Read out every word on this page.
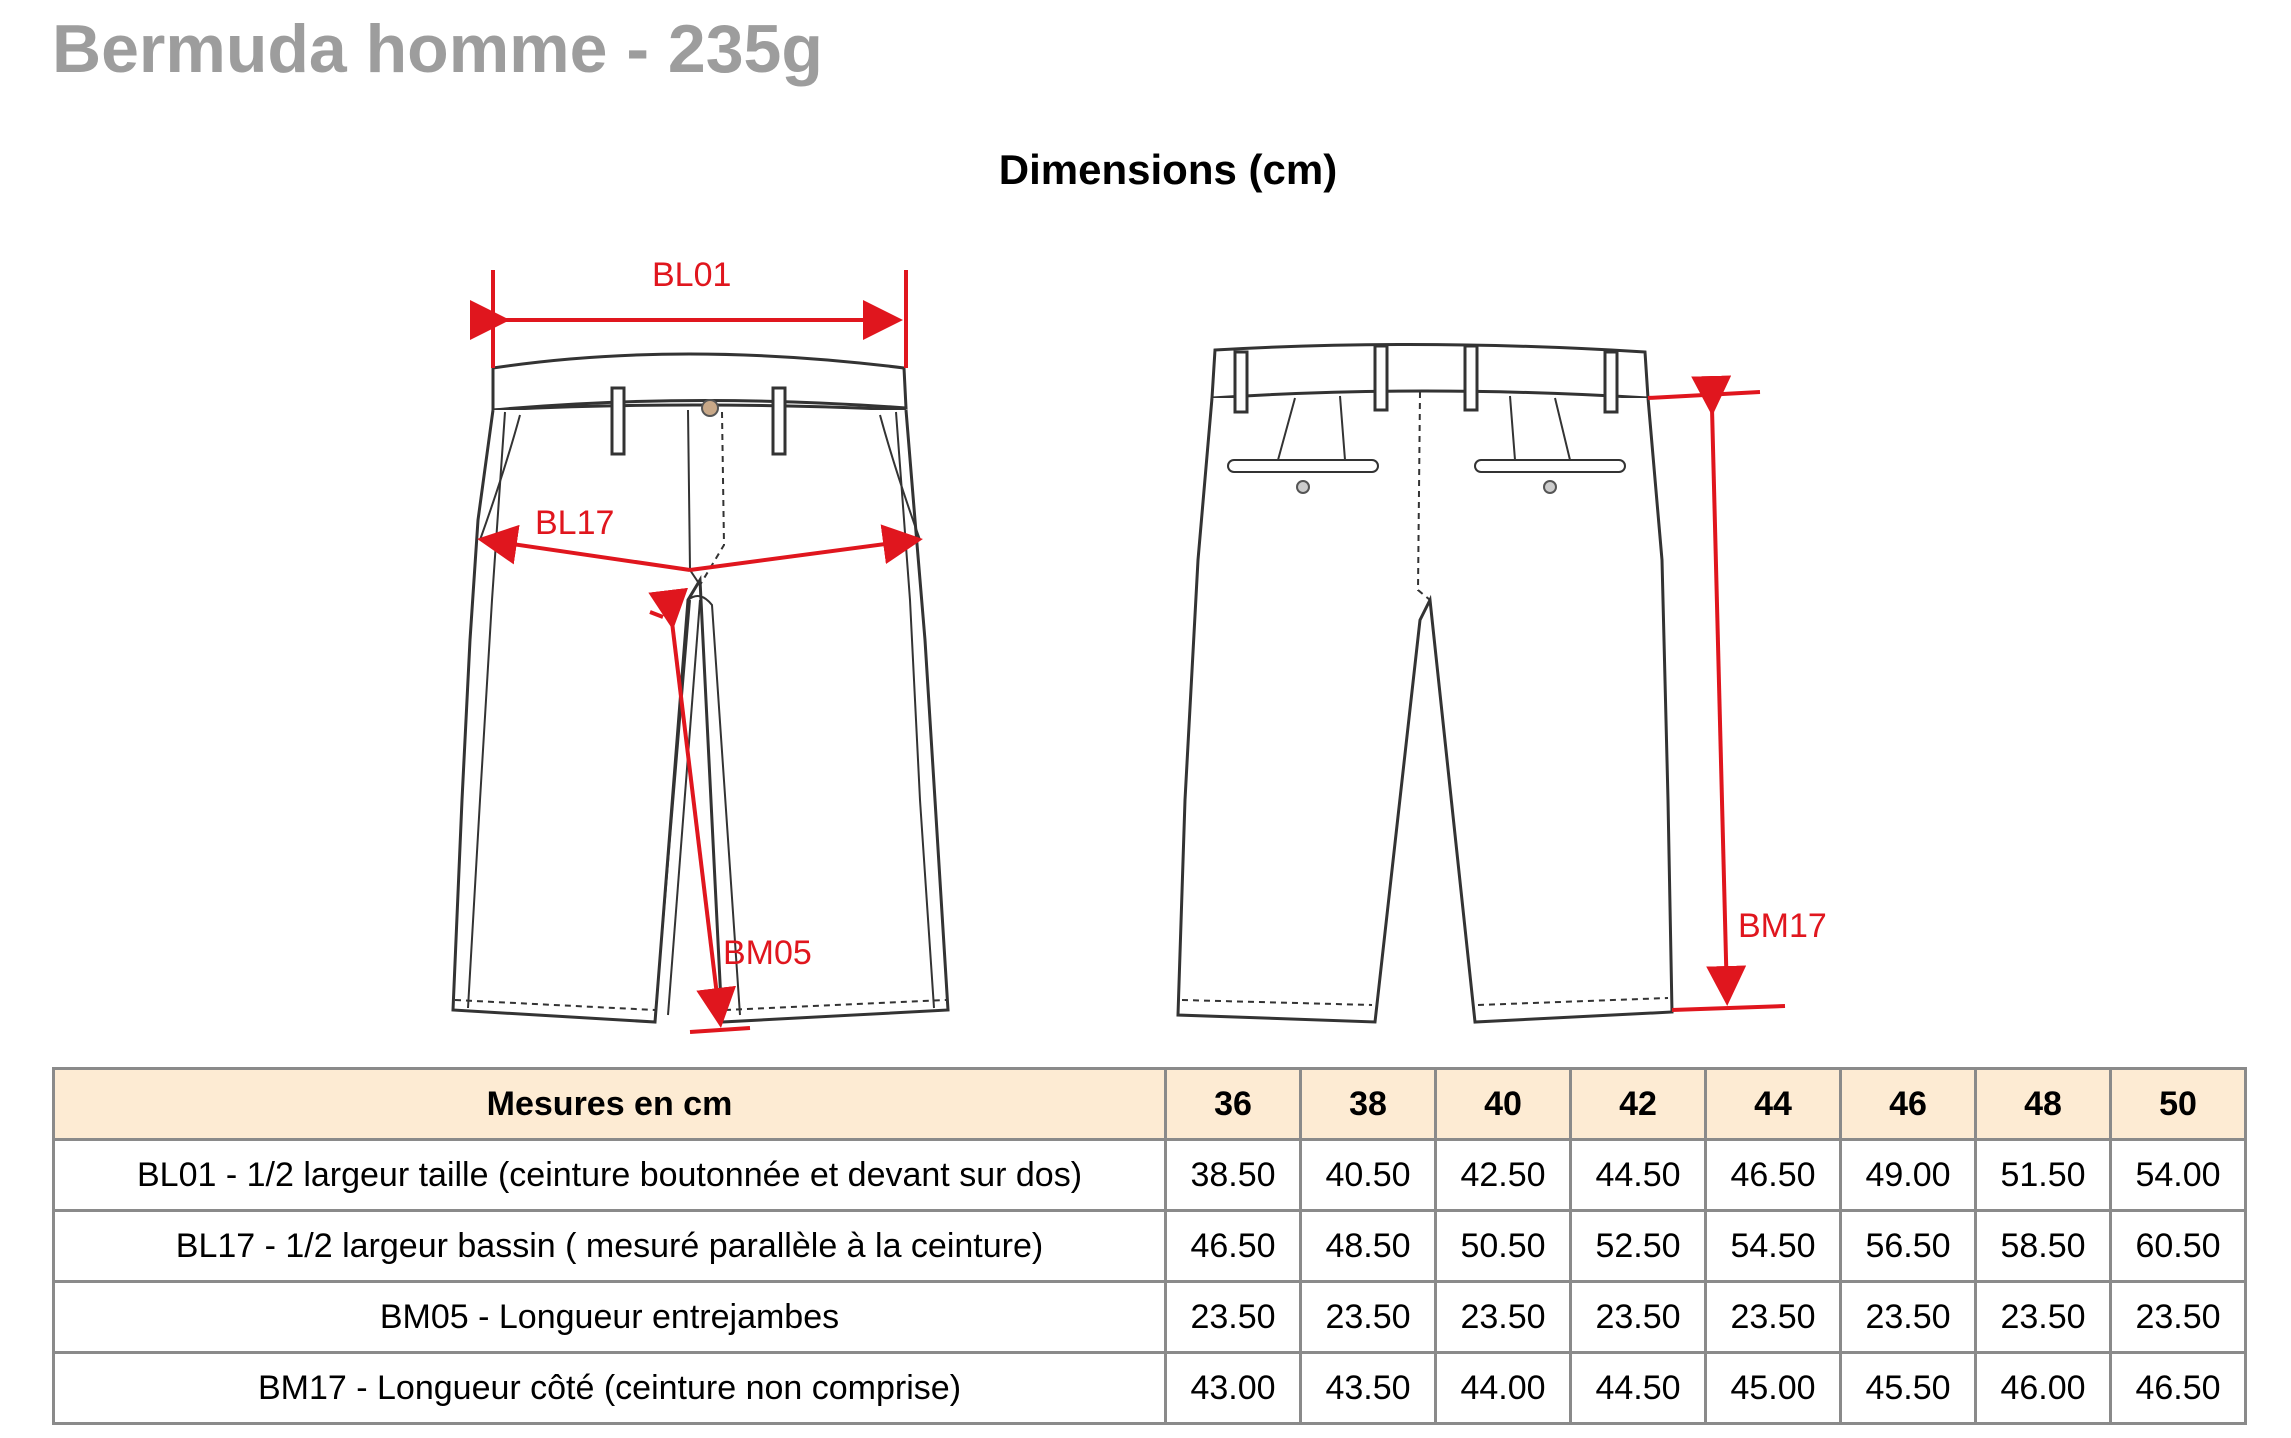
Bermuda homme - 235g
Dimensions (cm)
BL01
BL17
BM05
BM17
Mesures en cm	36	38	40	42	44	46	48	50
BL01 - 1/2 largeur taille (ceinture boutonnée et devant sur dos)	38.50	40.50	42.50	44.50	46.50	49.00	51.50	54.00
BL17 - 1/2 largeur bassin ( mesuré parallèle à la ceinture)	46.50	48.50	50.50	52.50	54.50	56.50	58.50	60.50
BM05 - Longueur entrejambes	23.50	23.50	23.50	23.50	23.50	23.50	23.50	23.50
BM17 - Longueur côté (ceinture non comprise)	43.00	43.50	44.00	44.50	45.00	45.50	46.00	46.50
